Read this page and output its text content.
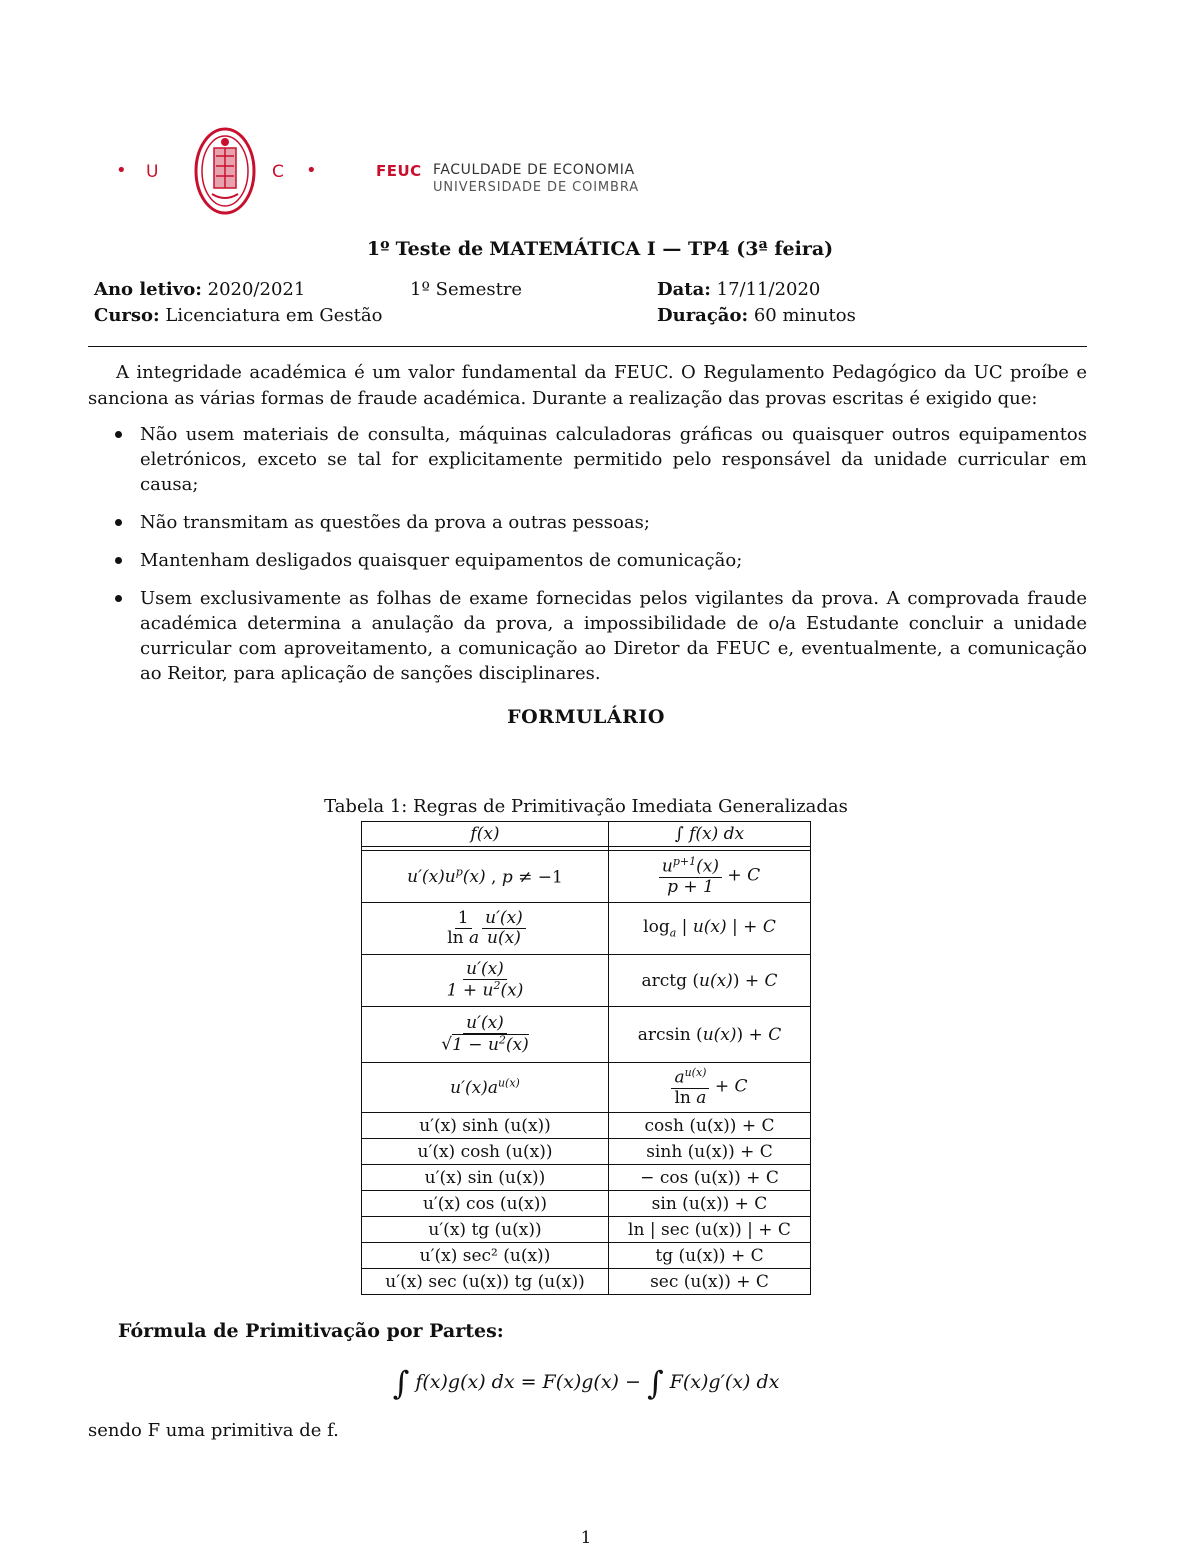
• U	C •	FEUC FACULDADE DE ECONOMIA
UNIVERSIDADE DE COIMBRA
1º Teste de MATEMÁTICA I — TP4 (3ª feira)
Ano letivo: 2020/2021	1º Semestre	Data: 17/11/2020
Curso: Licenciatura em Gestão	Duração: 60 minutos
A integridade académica é um valor fundamental da FEUC. O Regulamento Pedagógico da UC proíbe e sanciona as várias formas de fraude académica. Durante a realização das provas escritas é exigido que:
Não usem materiais de consulta, máquinas calculadoras gráficas ou quaisquer outros equipamentos eletrónicos, exceto se tal for explicitamente permitido pelo responsável da unidade curricular em causa;
Não transmitam as questões da prova a outras pessoas;
Mantenham desligados quaisquer equipamentos de comunicação;
Usem exclusivamente as folhas de exame fornecidas pelos vigilantes da prova. A comprovada fraude académica determina a anulação da prova, a impossibilidade de o/a Estudante concluir a unidade curricular com aproveitamento, a comunicação ao Diretor da FEUC e, eventualmente, a comunicação ao Reitor, para aplicação de sanções disciplinares.
FORMULÁRIO
Tabela 1: Regras de Primitivação Imediata Generalizadas
f(x)	∫ f(x) dx

$u'(x)u^p(x)$ , p ≠ −1	$\frac{u^{p+1}(x)}{p + 1} + C$

$\frac{1}{\text{ln a}} \frac{u'(x)}{u(x)}$	$\log_a$ | u(x) | + C

$\frac{u'(x)}{1 + u^2(x)}$	arctg (u(x)) + C

$\frac{u'(x)}{√1 - u^2(x)}$	arcsin (u(x)) + C
$u'(x)a^{u(x)}$	$\frac{a^{u(x)}}{\text{ln a}} + C$
u′(x) sinh (u(x))	cosh (u(x)) + C
u′(x) cosh (u(x))	sinh (u(x)) + C
u′(x) sin (u(x))	− cos (u(x)) + C
u′(x) cos (u(x))	sin (u(x)) + C
u′(x) tg (u(x))	ln | sec (u(x)) | + C
u′(x) sec² (u(x))	tg (u(x)) + C
u′(x) sec (u(x)) tg (u(x))	sec (u(x)) + C
Fórmula de Primitivação por Partes:
∫ f(x)g(x) dx = F(x)g(x) − ∫ F(x)g′(x) dx
sendo F uma primitiva de f.
1
